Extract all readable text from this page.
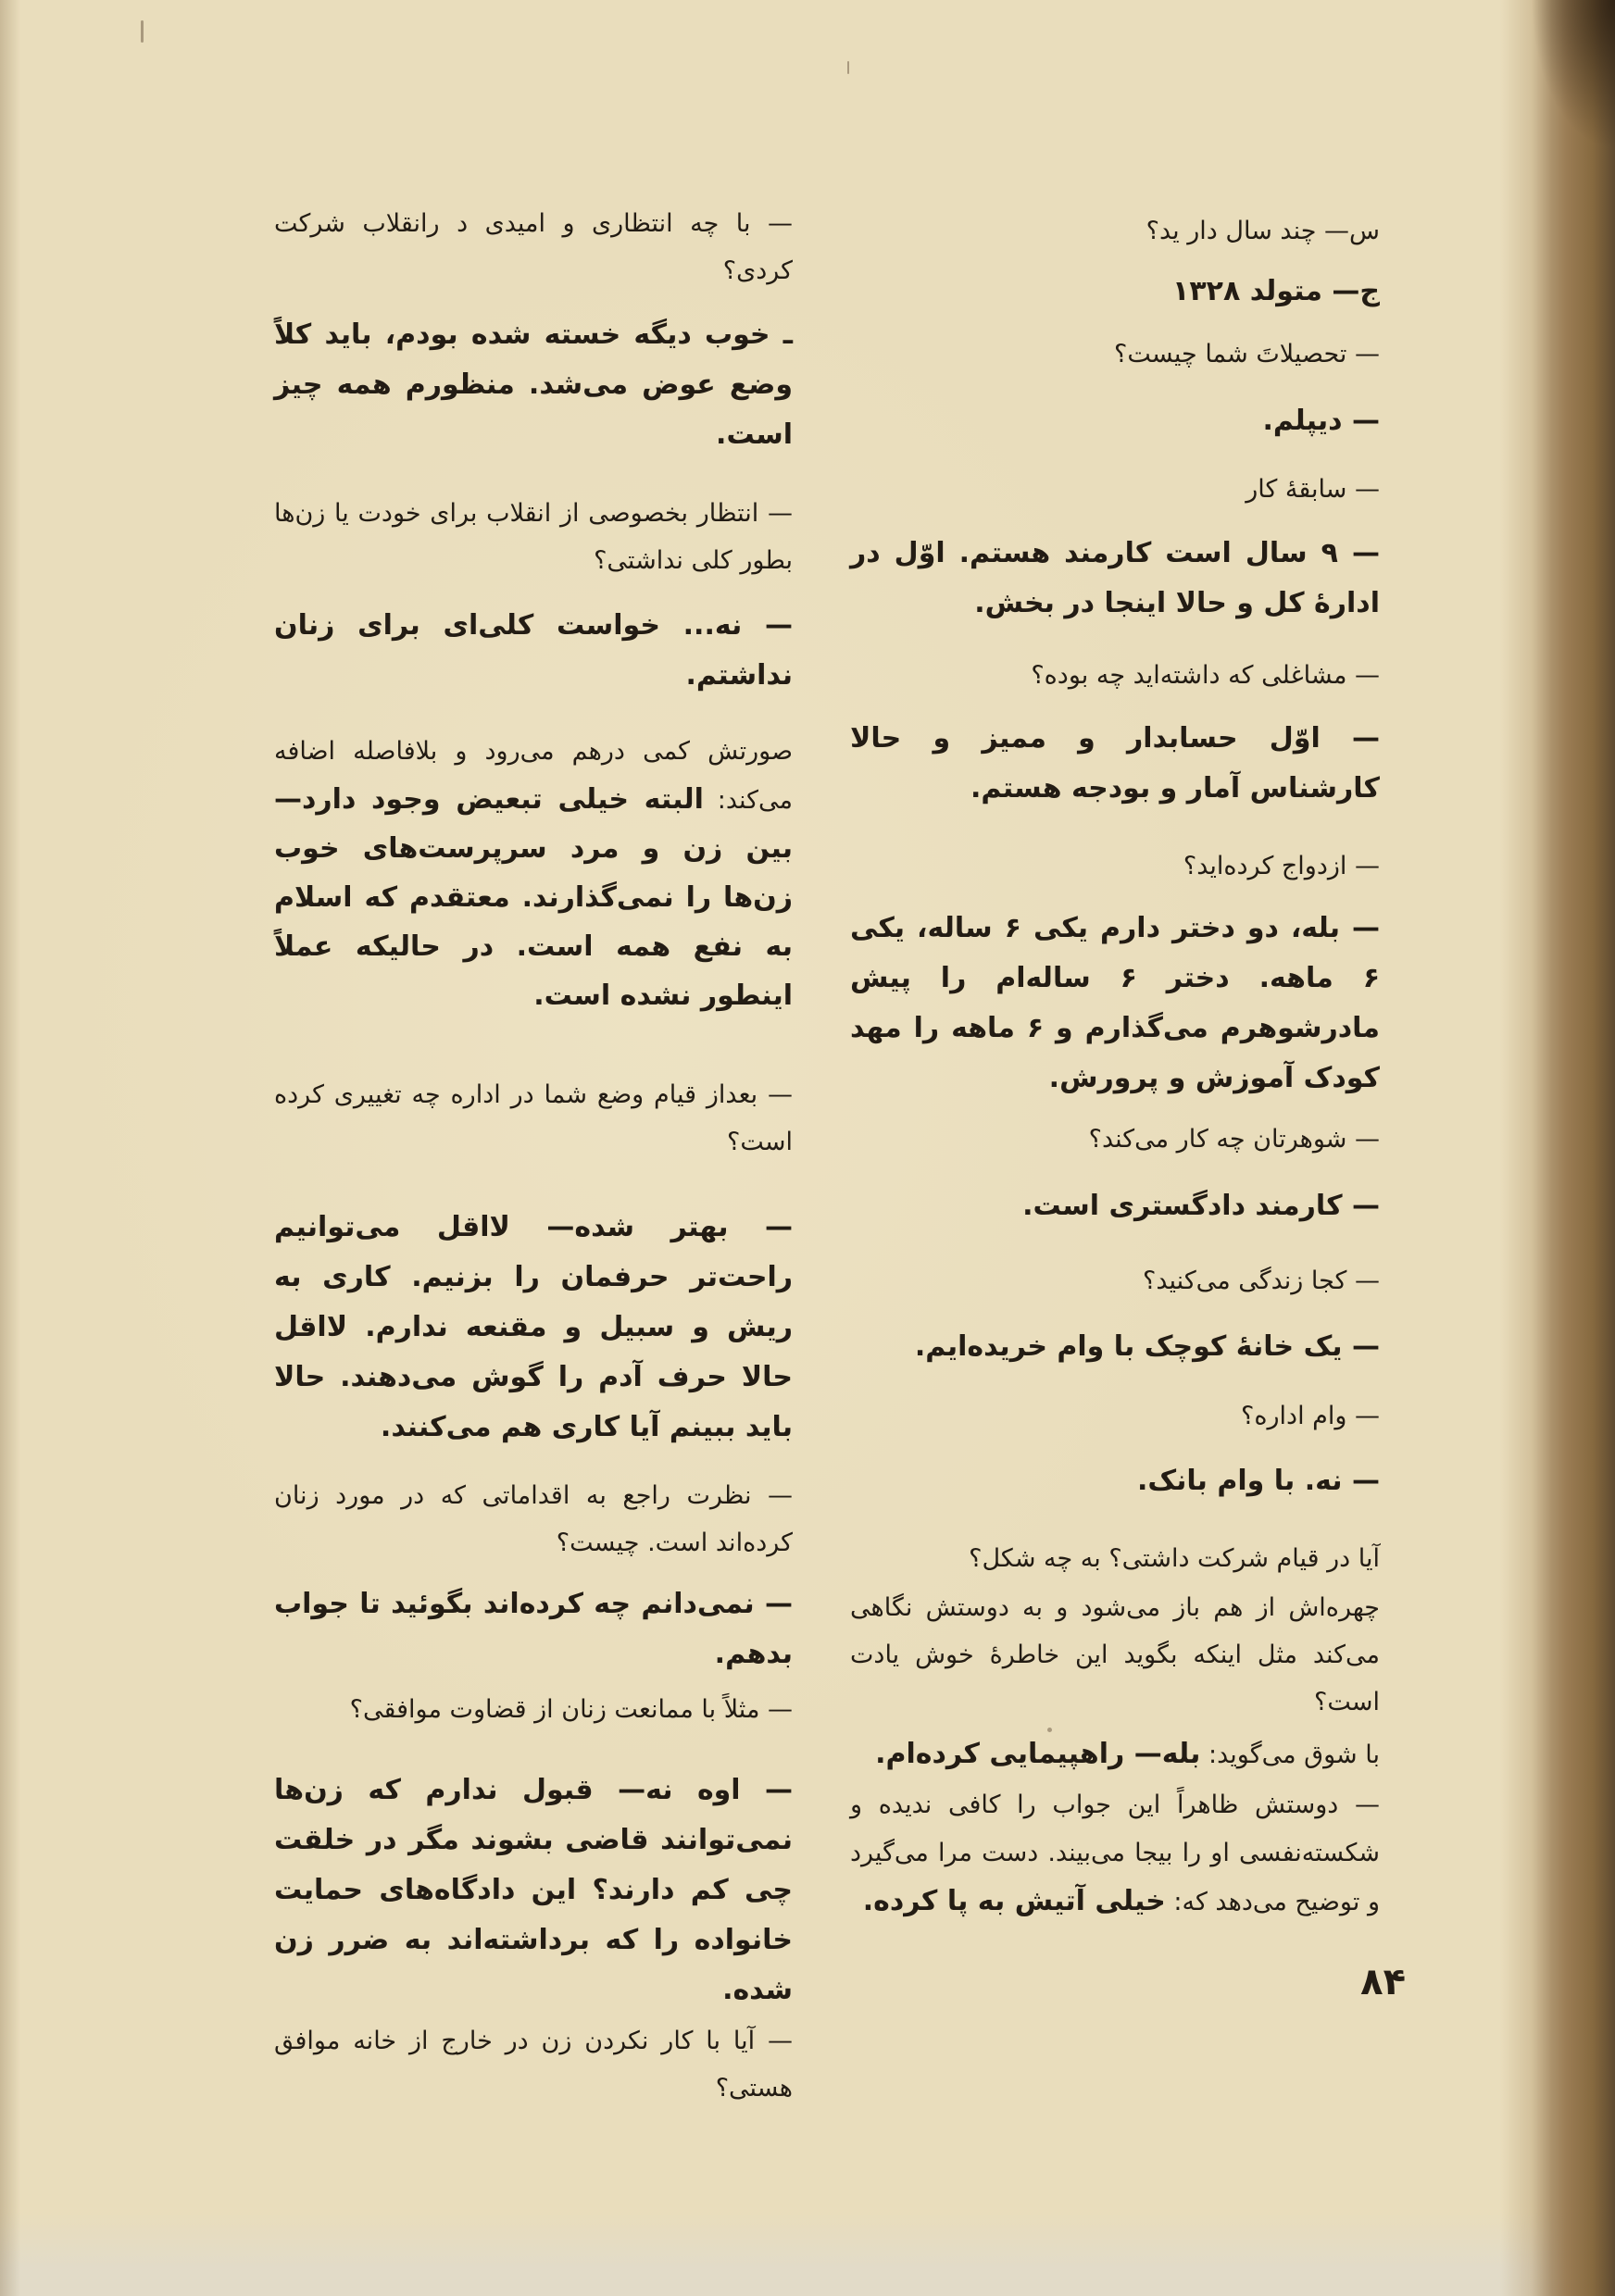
س— چند سال دار ید؟

ج— متولد ۱۳۲۸

— تحصیلاتَ شما چیست؟

— دیپلم.

— سابقهٔ کار

— ۹ سال است کارمند هستم. اوّل در ادارهٔ کل و حالا اینجا در بخش.

— مشاغلی که داشته‌اید چه بوده؟

— اوّل حسابدار و ممیز و حالا کارشناس آمار و بودجه هستم.

— ازدواج کرده‌اید؟

— بله، دو دختر دارم یکی ۶ ساله، یکی ۶ ماهه. دختر ۶ ساله‌ام را پیش مادرشوهرم می‌گذارم و ۶ ماهه را مهد کودک آموزش و پرورش.

— شوهرتان چه کار می‌کند؟

— کارمند دادگستری است.

— کجا زندگی می‌کنید؟

— یک خانهٔ کوچک با وام خریده‌ایم.

— وام اداره؟

— نه. با وام بانک.

آیا در قیام شرکت داشتی؟ به چه شکل؟

چهره‌اش از هم باز می‌شود و به دوستش نگاهی می‌کند مثل اینکه بگوید این خاطرهٔ خوش یادت است؟

با شوق می‌گوید: بله— راهپیمایی کرده‌ام.

— دوستش ظاهراً این جواب را کافی ندیده و شکسته‌نفسی او را بیجا می‌بیند. دست مرا می‌گیرد و توضیح می‌دهد که: خیلی آتیش به پا کرده.

۸۴

— با چه انتظاری و امیدی د رانقلاب شرکت کردی؟

ـ خوب دیگه خسته شده بودم، باید کلاً وضع عوض می‌شد. منظورم همه چیز است.

— انتظار بخصوصی از انقلاب برای خودت یا زن‌ها بطور کلی نداشتی؟

— نه... خواست کلی‌ای برای زنان نداشتم.

صورتش کمی درهم می‌رود و بلافاصله اضافه می‌کند: البته خیلی تبعیض وجود دارد— بین زن و مرد سرپرست‌های خوب زن‌ها را نمی‌گذارند. معتقدم که اسلام به نفع همه است. در حالیکه عملاً اینطور نشده است.

— بعداز قیام وضع شما در اداره چه تغییری کرده است؟

— بهتر شده— لااقل می‌توانیم راحت‌تر حرفمان را بزنیم. کاری به ریش و سبیل و مقنعه ندارم. لااقل حالا حرف آدم را گوش می‌دهند. حالا باید ببینم آیا کاری هم می‌کنند.

— نظرت راجع به اقداماتی که در مورد زنان کرده‌اند است. چیست؟

— نمی‌دانم چه کرده‌اند بگوئید تا جواب بدهم.

— مثلاً با ممانعت زنان از قضاوت موافقی؟

— اوه نه— قبول ندارم که زن‌ها نمی‌توانند قاضی بشوند مگر در خلقت چی کم دارند؟ این دادگاه‌های حمایت خانواده را که برداشته‌اند به ضرر زن شده.

— آیا با کار نکردن زن در خارج از خانه موافق هستی؟
